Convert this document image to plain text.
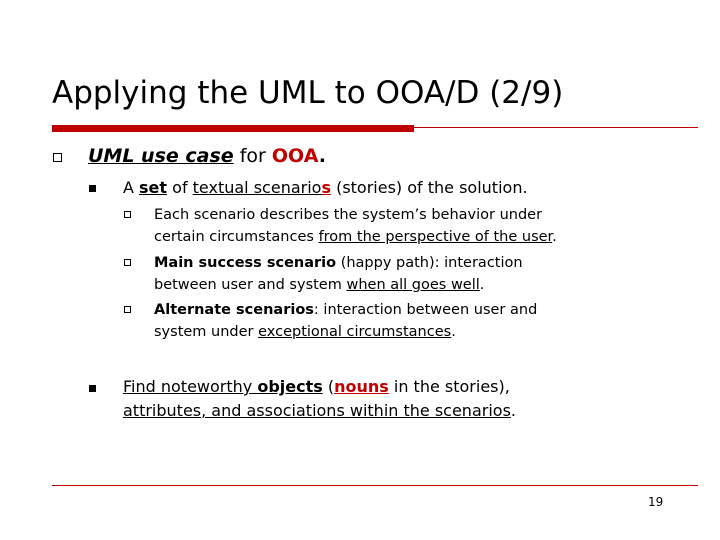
Applying the UML to OOA/D (2/9)
UML use case for OOA.
A set of textual scenarios (stories) of the solution.
Each scenario describes the system’s behavior under
certain circumstances from the perspective of the user.
Main success scenario (happy path): interaction
between user and system when all goes well.
Alternate scenarios: interaction between user and
system under exceptional circumstances.
Find noteworthy objects (nouns in the stories),
attributes, and associations within the scenarios.
19
